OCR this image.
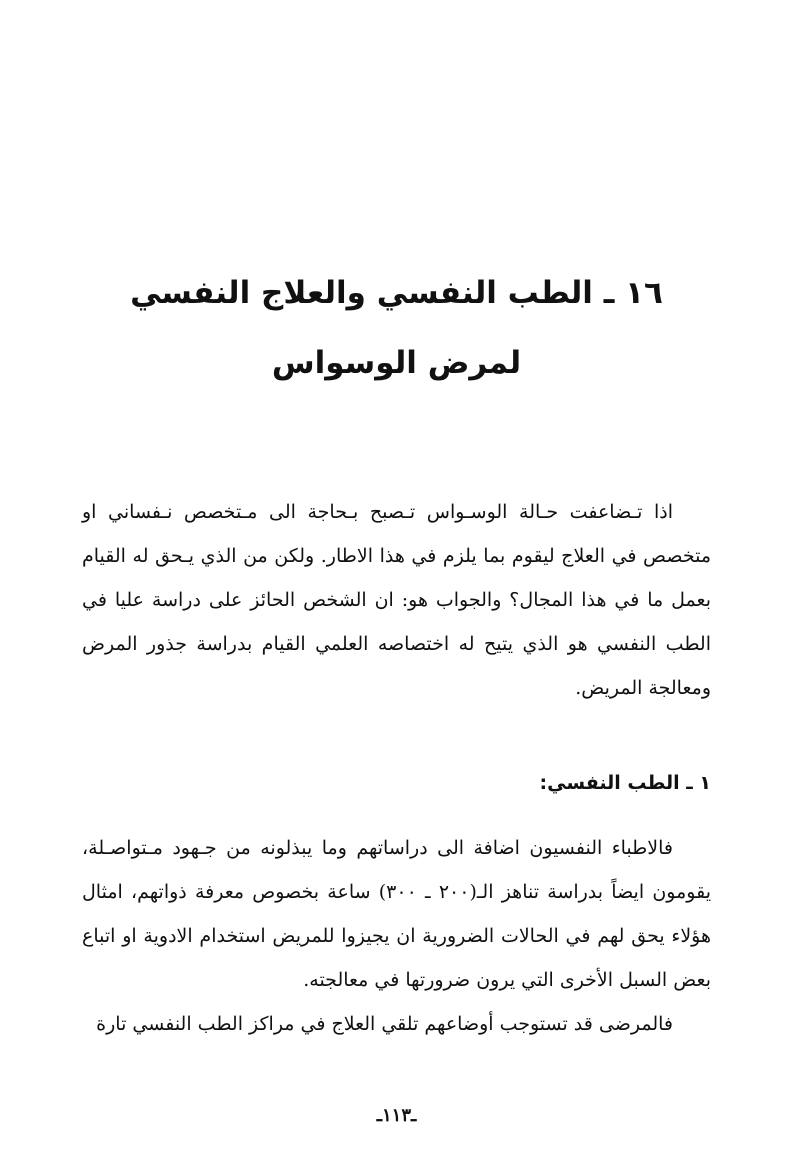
١٦ ـ الطب النفسي والعلاج النفسي
لمرض الوسواس

اذا تـضاعفت حـالة الوسـواس تـصبح بـحاجة الى مـتخصص نـفساني او متخصص في العلاج ليقوم بما يلزم في هذا الاطار. ولكن من الذي يـحق له القيام بعمل ما في هذا المجال؟ والجواب هو: ان الشخص الحائز على دراسة عليا في الطب النفسي هو الذي يتيح له اختصاصه العلمي القيام بدراسة جذور المرض ومعالجة المريض.

١ ـ الطب النفسي:

فالاطباء النفسيون اضافة الى دراساتهم وما يبذلونه من جـهود مـتواصـلة، يقومون ايضاً بدراسة تناهز الـ(٢٠٠ ـ ٣٠٠) ساعة بخصوص معرفة ذواتهم، امثال هؤلاء يحق لهم في الحالات الضرورية ان يجيزوا للمريض استخدام الادوية او اتباع بعض السبل الأخرى التي يرون ضرورتها في معالجته.

فالمرضى قد تستوجب أوضاعهم تلقي العلاج في مراكز الطب النفسي تارة

ـ١١٣ـ
